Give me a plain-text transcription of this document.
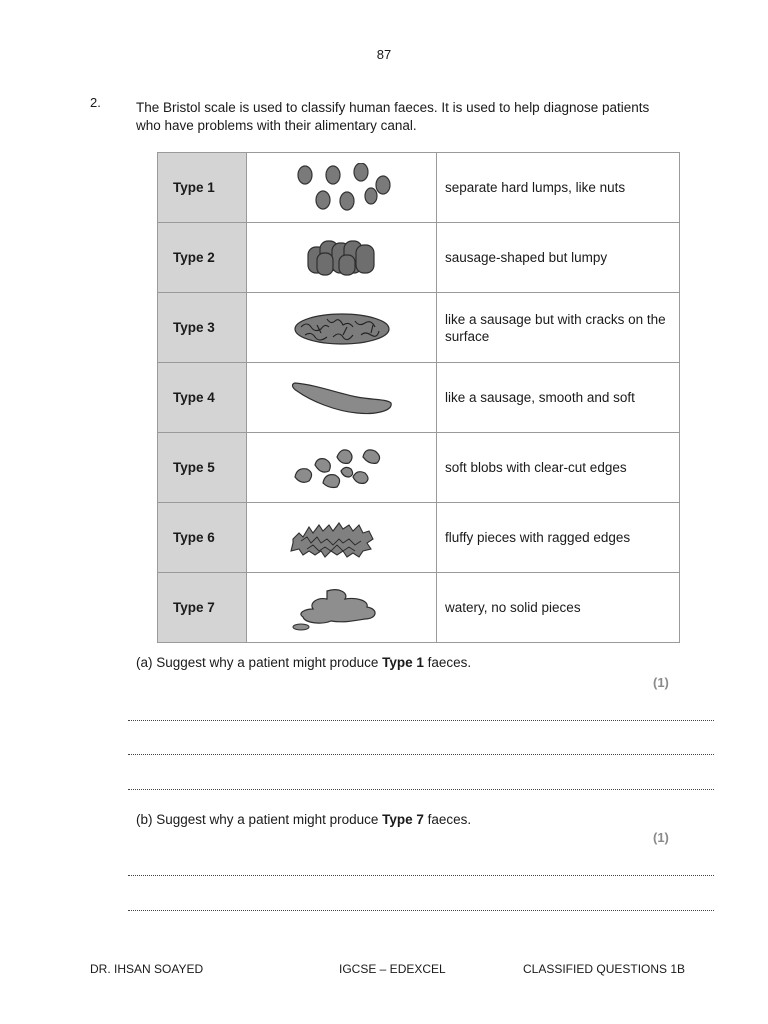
87
2.	The Bristol scale is used to classify human faeces. It is used to help diagnose patients who have problems with their alimentary canal.
Type 1		separate hard lumps, like nuts
Type 2		sausage-shaped but lumpy
Type 3		like a sausage but with cracks on the surface
Type 4		like a sausage, smooth and soft
Type 5		soft blobs with clear-cut edges
Type 6		fluffy pieces with ragged edges
Type 7		watery, no solid pieces
(a) Suggest why a patient might produce Type 1 faeces.
(1)
(b) Suggest why a patient might produce Type 7 faeces.
(1)
DR. IHSAN SOAYED	IGCSE – EDEXCEL	CLASSIFIED QUESTIONS 1B
